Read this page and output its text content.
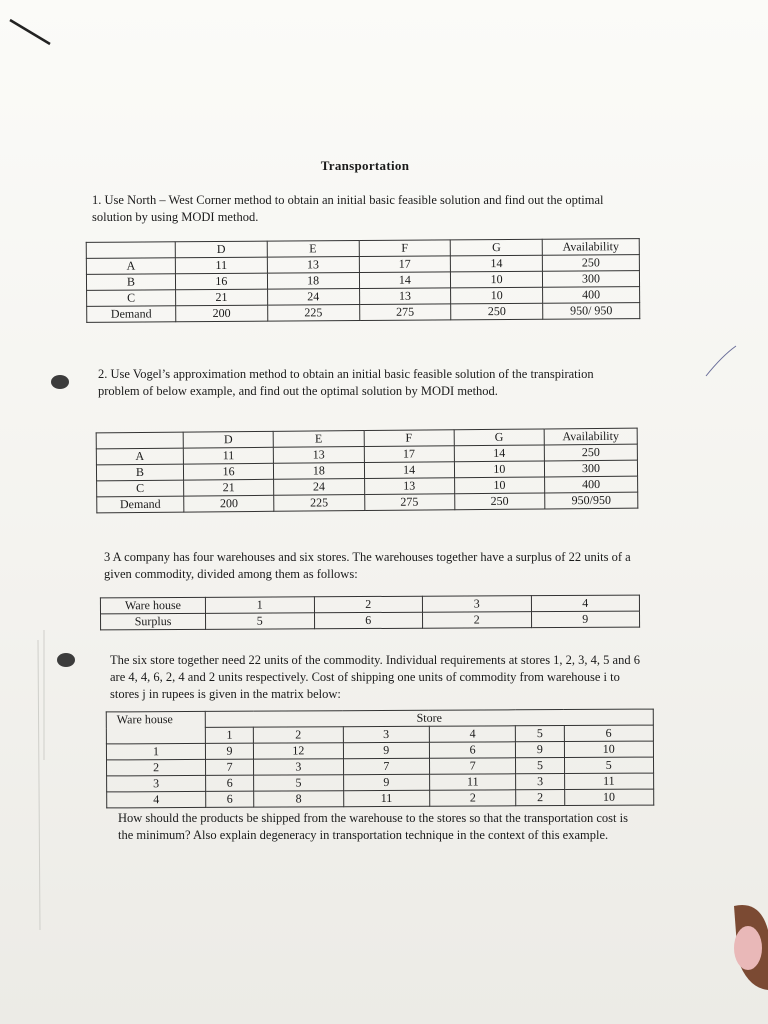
Transportation
1. Use North – West Corner method to obtain an initial basic feasible solution and find out the optimal solution by using MODI method.
	D	E	F	G	Availability
A	11	13	17	14	250
B	16	18	14	10	300
C	21	24	13	10	400
Demand	200	225	275	250	950/ 950
2. Use Vogel’s approximation method to obtain an initial basic feasible solution of the transpiration problem of below example, and find out the optimal solution by MODI method.
	D	E	F	G	Availability
A	11	13	17	14	250
B	16	18	14	10	300
C	21	24	13	10	400
Demand	200	225	275	250	950/950
3 A company has four warehouses and six stores. The warehouses together have a surplus of 22 units of a given commodity, divided among them as follows:
Ware house	1	2	3	4
Surplus	5	6	2	9
The six store together need 22 units of the commodity. Individual requirements at stores 1, 2, 3, 4, 5 and 6 are 4, 4, 6, 2, 4 and 2 units respectively. Cost of shipping one units of commodity from warehouse i to stores j in rupees is given in the matrix below:
Ware house	Store					
	1	2	3	4	5	6
1	9	12	9	6	9	10
2	7	3	7	7	5	5
3	6	5	9	11	3	11
4	6	8	11	2	2	10
How should the products be shipped from the warehouse to the stores so that the transportation cost is the minimum? Also explain degeneracy in transportation technique in the context of this example.
